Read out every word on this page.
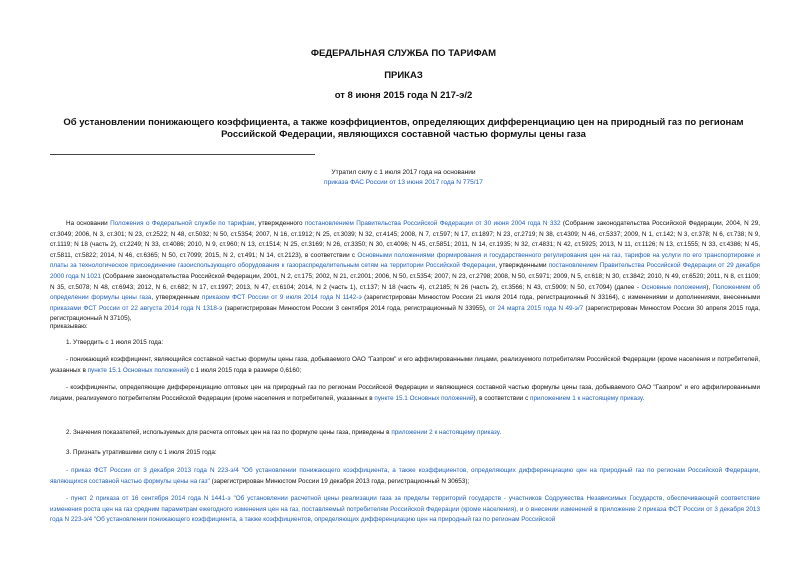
ФЕДЕРАЛЬНАЯ СЛУЖБА ПО ТАРИФАМ
ПРИКАЗ
от 8 июня 2015 года N 217-э/2
Об установлении понижающего коэффициента, а также коэффициентов, определяющих дифференциацию цен на природный газ по регионам Российской Федерации, являющихся составной частью формулы цены газа
Утратил силу с 1 июля 2017 года на основании
приказа ФАС России от 13 июня 2017 года N 775/17

На основании Положения о Федеральной службе по тарифам, утвержденного постановлением Правительства Российской Федерации от 30 июня 2004 года N 332 (Собрание законодательства Российской Федерации, 2004, N 29, ст.3049; 2006, N 3, ст.301; N 23, ст.2522; N 48, ст.5032; N 50, ст.5354; 2007, N 16, ст.1912; N 25, ст.3039; N 32, ст.4145; 2008, N 7, ст.597; N 17, ст.1897; N 23, ст.2719; N 38, ст.4309; N 46, ст.5337; 2009, N 1, ст.142; N 3, ст.378; N 6, ст.738; N 9, ст.1119; N 18 (часть 2), ст.2249; N 33, ст.4086; 2010, N 9, ст.960; N 13, ст.1514; N 25, ст.3169; N 26, ст.3350; N 30, ст.4096; N 45, ст.5851; 2011, N 14, ст.1935; N 32, ст.4831; N 42, ст.5925; 2013, N 11, ст.1126; N 13, ст.1555; N 33, ст.4386; N 45, ст.5811, ст.5822; 2014, N 46, ст.6365; N 50, ст.7099; 2015, N 2, ст.491; N 14, ст.2123), в соответствии с Основными положениями формирования и государственного регулирования цен на газ, тарифов на услуги по его транспортировке и платы за технологическое присоединение газоиспользующего оборудования к газораспределительным сетям на территории Российской Федерации, утвержденными постановлением Правительства Российской Федерации от 29 декабря 2000 года N 1021 (Собрание законодательства Российской Федерации, 2001, N 2, ст.175; 2002, N 21, ст.2001; 2006, N 50, ст.5354; 2007, N 23, ст.2798; 2008, N 50, ст.5971; 2009, N 5, ст.618; N 30, ст.3842; 2010, N 49, ст.6520; 2011, N 8, ст.1109; N 35, ст.5078; N 48, ст.6943; 2012, N 6, ст.682; N 17, ст.1997; 2013, N 47, ст.6104; 2014, N 2 (часть 1), ст.137; N 18 (часть 4), ст.2185; N 26 (часть 2), ст.3566; N 43, ст.5909; N 50, ст.7094) (далее - Основные положения), Положением об определении формулы цены газа, утвержденным приказом ФСТ России от 9 июля 2014 года N 1142-э (зарегистрирован Минюстом России 21 июля 2014 года, регистрационный N 33164), с изменениями и дополнениями, внесенными приказами ФСТ России от 22 августа 2014 года N 1318-э (зарегистрирован Минюстом России 3 сентября 2014 года, регистрационный N 33955), от 24 марта 2015 года N 49-э/7 (зарегистрирован Минюстом России 30 апреля 2015 года, регистрационный N 37105),

приказываю:

1. Утвердить с 1 июля 2015 года:

- понижающий коэффициент, являющийся составной частью формулы цены газа, добываемого ОАО "Газпром" и его аффилированными лицами, реализуемого потребителям Российской Федерации (кроме населения и потребителей, указанных в пункте 15.1 Основных положений) с 1 июля 2015 года в размере 0,6160;

- коэффициенты, определяющие дифференциацию оптовых цен на природный газ по регионам Российской Федерации и являющиеся составной частью формулы цены газа, добываемого ОАО "Газпром" и его аффилированными лицами, реализуемого потребителям Российской Федерации (кроме населения и потребителей, указанных в пункте 15.1 Основных положений), в соответствии с приложением 1 к настоящему приказу.

2. Значения показателей, используемых для расчета оптовых цен на газ по формуле цены газа, приведены в приложении 2 к настоящему приказу.

3. Признать утратившими силу с 1 июля 2015 года:

- приказ ФСТ России от 3 декабря 2013 года N 223-э/4 "Об установлении понижающего коэффициента, а также коэффициентов, определяющих дифференциацию цен на природный газ по регионам Российской Федерации, являющихся составной частью формулы цены на газ" (зарегистрирован Минюстом России 19 декабря 2013 года, регистрационный N 30653);

- пункт 2 приказа от 16 сентября 2014 года N 1441-э "Об установлении расчетной цены реализации газа за пределы территорий государств - участников Содружества Независимых Государств, обеспечивающей соответствие изменения роста цен на газ средним параметрам ежегодного изменения цен на газ, поставляемый потребителям Российской Федерации (кроме населения), и о внесении изменений в приложение 2 приказа ФСТ России от 3 декабря 2013 года N 223-э/4 "Об установлении понижающего коэффициента, а также коэффициентов, определяющих дифференциацию цен на природный газ по регионам Российской
